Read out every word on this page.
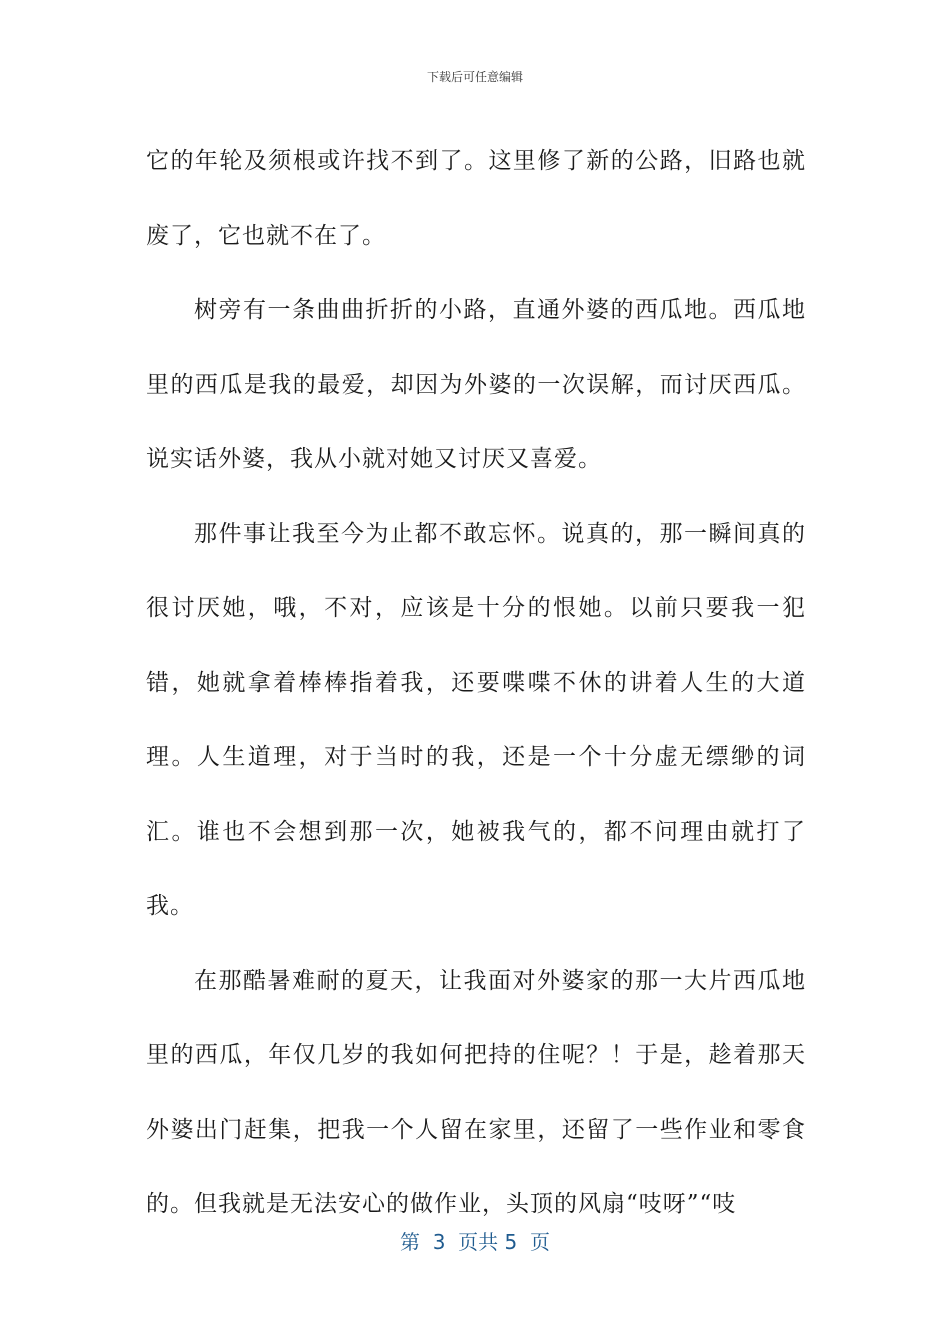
下载后可任意编辑

它的年轮及须根或许找不到了。这里修了新的公路，旧路也就废了，它也就不在了。

树旁有一条曲曲折折的小路，直通外婆的西瓜地。西瓜地里的西瓜是我的最爱，却因为外婆的一次误解，而讨厌西瓜。说实话外婆，我从小就对她又讨厌又喜爱。

那件事让我至今为止都不敢忘怀。说真的，那一瞬间真的很讨厌她，哦，不对，应该是十分的恨她。以前只要我一犯错，她就拿着棒棒指着我，还要喋喋不休的讲着人生的大道理。人生道理，对于当时的我，还是一个十分虚无缥缈的词汇。谁也不会想到那一次，她被我气的，都不问理由就打了我。

在那酷暑难耐的夏天，让我面对外婆家的那一大片西瓜地里的西瓜，年仅几岁的我如何把持的住呢？！于是，趁着那天外婆出门赶集，把我一个人留在家里，还留了一些作业和零食的。但我就是无法安心的做作业，头顶的风扇“吱呀”“吱

第  3  页共 5  页
